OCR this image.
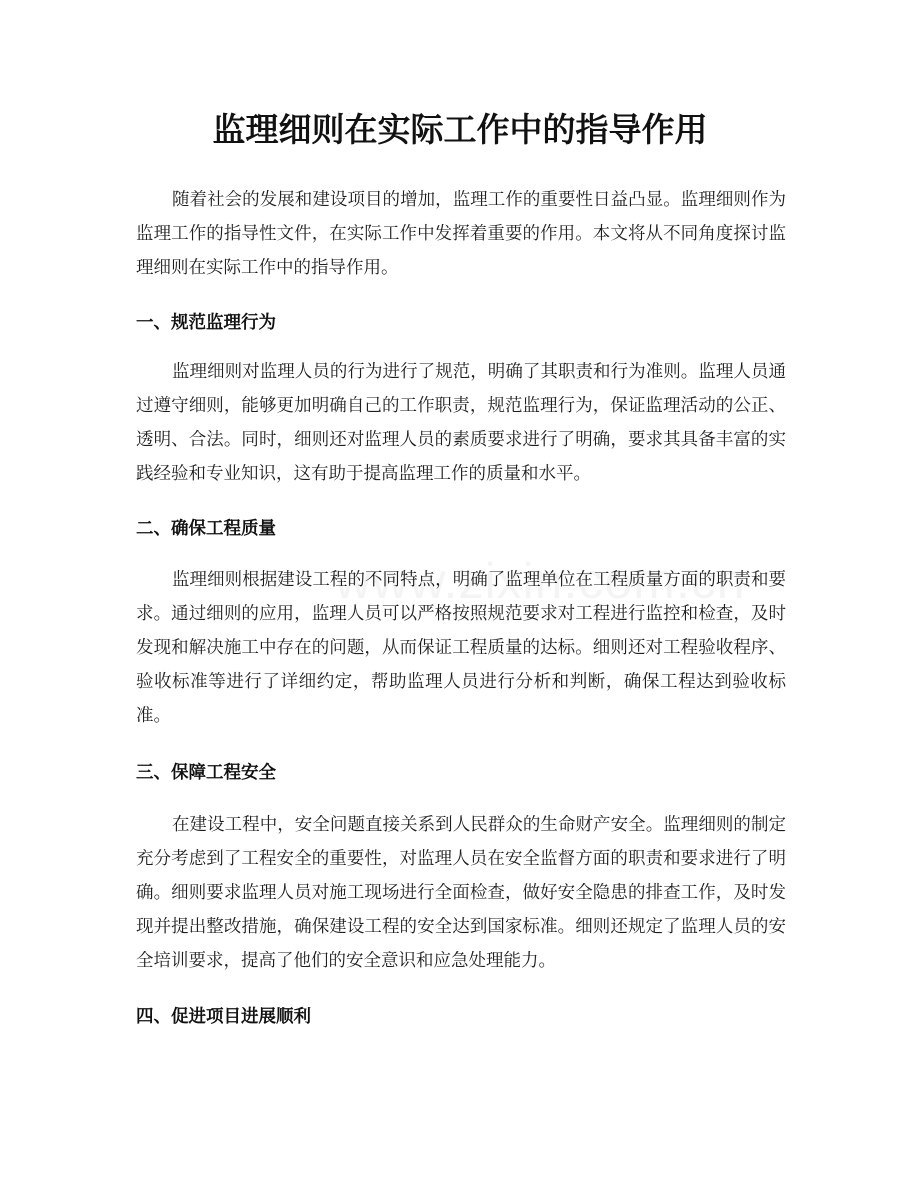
监理细则在实际工作中的指导作用

随着社会的发展和建设项目的增加，监理工作的重要性日益凸显。监理细则作为监理工作的指导性文件，在实际工作中发挥着重要的作用。本文将从不同角度探讨监理细则在实际工作中的指导作用。

一、规范监理行为

监理细则对监理人员的行为进行了规范，明确了其职责和行为准则。监理人员通过遵守细则，能够更加明确自己的工作职责，规范监理行为，保证监理活动的公正、透明、合法。同时，细则还对监理人员的素质要求进行了明确，要求其具备丰富的实践经验和专业知识，这有助于提高监理工作的质量和水平。

二、确保工程质量

监理细则根据建设工程的不同特点，明确了监理单位在工程质量方面的职责和要求。通过细则的应用，监理人员可以严格按照规范要求对工程进行监控和检查，及时发现和解决施工中存在的问题，从而保证工程质量的达标。细则还对工程验收程序、验收标准等进行了详细约定，帮助监理人员进行分析和判断，确保工程达到验收标准。

三、保障工程安全

在建设工程中，安全问题直接关系到人民群众的生命财产安全。监理细则的制定充分考虑到了工程安全的重要性，对监理人员在安全监督方面的职责和要求进行了明确。细则要求监理人员对施工现场进行全面检查，做好安全隐患的排查工作，及时发现并提出整改措施，确保建设工程的安全达到国家标准。细则还规定了监理人员的安全培训要求，提高了他们的安全意识和应急处理能力。

四、促进项目进展顺利
